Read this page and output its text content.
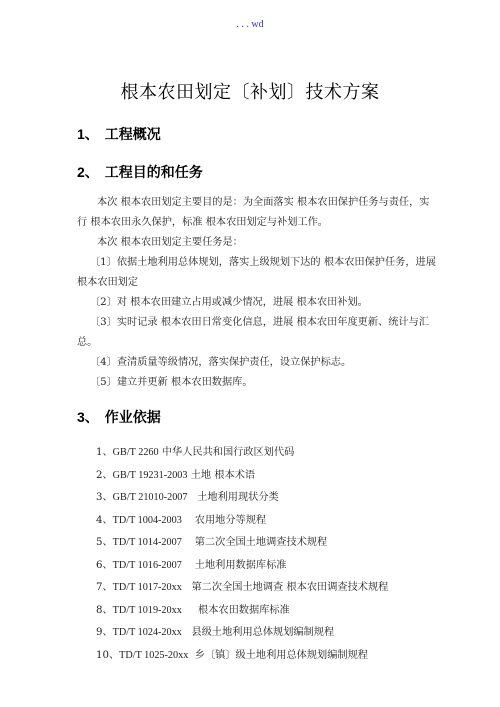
. . . wd
根本农田划定〔补划〕技术方案
1、 工程概况
2、 工程目的和任务
本次 根本农田划定主要目的是：为全面落实 根本农田保护任务与责任，实行 根本农田永久保护，标准 根本农田划定与补划工作。
本次 根本农田划定主要任务是：
〔1〕依据土地利用总体规划，落实上级规划下达的 根本农田保护任务，进展 根本农田划定
〔2〕对 根本农田建立占用或减少情况，进展 根本农田补划。
〔3〕实时记录 根本农田日常变化信息，进展 根本农田年度更新、统计与汇总。
〔4〕查清质量等级情况，落实保护责任，设立保护标志。
〔5〕建立并更新 根本农田数据库。
3、 作业依据
1、GB/T 2260 中华人民共和国行政区划代码
2、GB/T 19231-2003 土地 根本术语
3、GB/T 21010-2007 土地利用现状分类
4、TD/T 1004-2003 农用地分等规程
5、TD/T 1014-2007 第二次全国土地调查技术规程
6、TD/T 1016-2007 土地利用数据库标准
7、TD/T 1017-20xx 第二次全国土地调查 根本农田调查技术规程
8、TD/T 1019-20xx 根本农田数据库标准
9、TD/T 1024-20xx 县级土地利用总体规划编制规程
10、TD/T 1025-20xx 乡〔镇〕级土地利用总体规划编制规程
